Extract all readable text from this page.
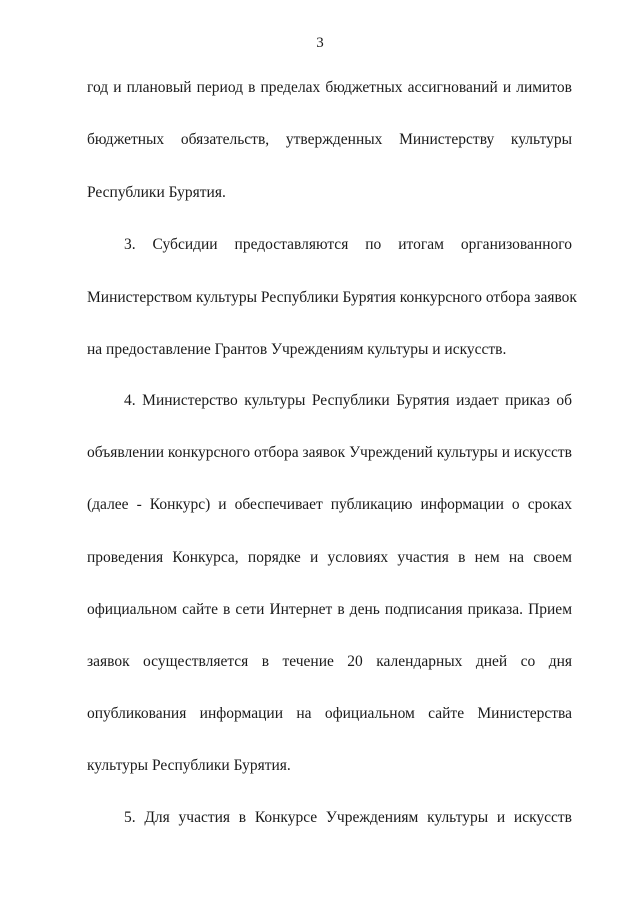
3
год и плановый период в пределах бюджетных ассигнований и лимитов
бюджетных обязательств, утвержденных Министерству культуры
Республики Бурятия.
3. Субсидии предоставляются по итогам организованного
Министерством культуры Республики Бурятия конкурсного отбора заявок
на предоставление Грантов Учреждениям культуры и искусств.
4. Министерство культуры Республики Бурятия издает приказ об
объявлении конкурсного отбора заявок Учреждений культуры и искусств
(далее - Конкурс) и обеспечивает публикацию информации о сроках
проведения Конкурса, порядке и условиях участия в нем на своем
официальном сайте в сети Интернет в день подписания приказа. Прием
заявок осуществляется в течение 20 календарных дней со дня
опубликования информации на официальном сайте Министерства
культуры Республики Бурятия.
5. Для участия в Конкурсе Учреждениям культуры и искусств
